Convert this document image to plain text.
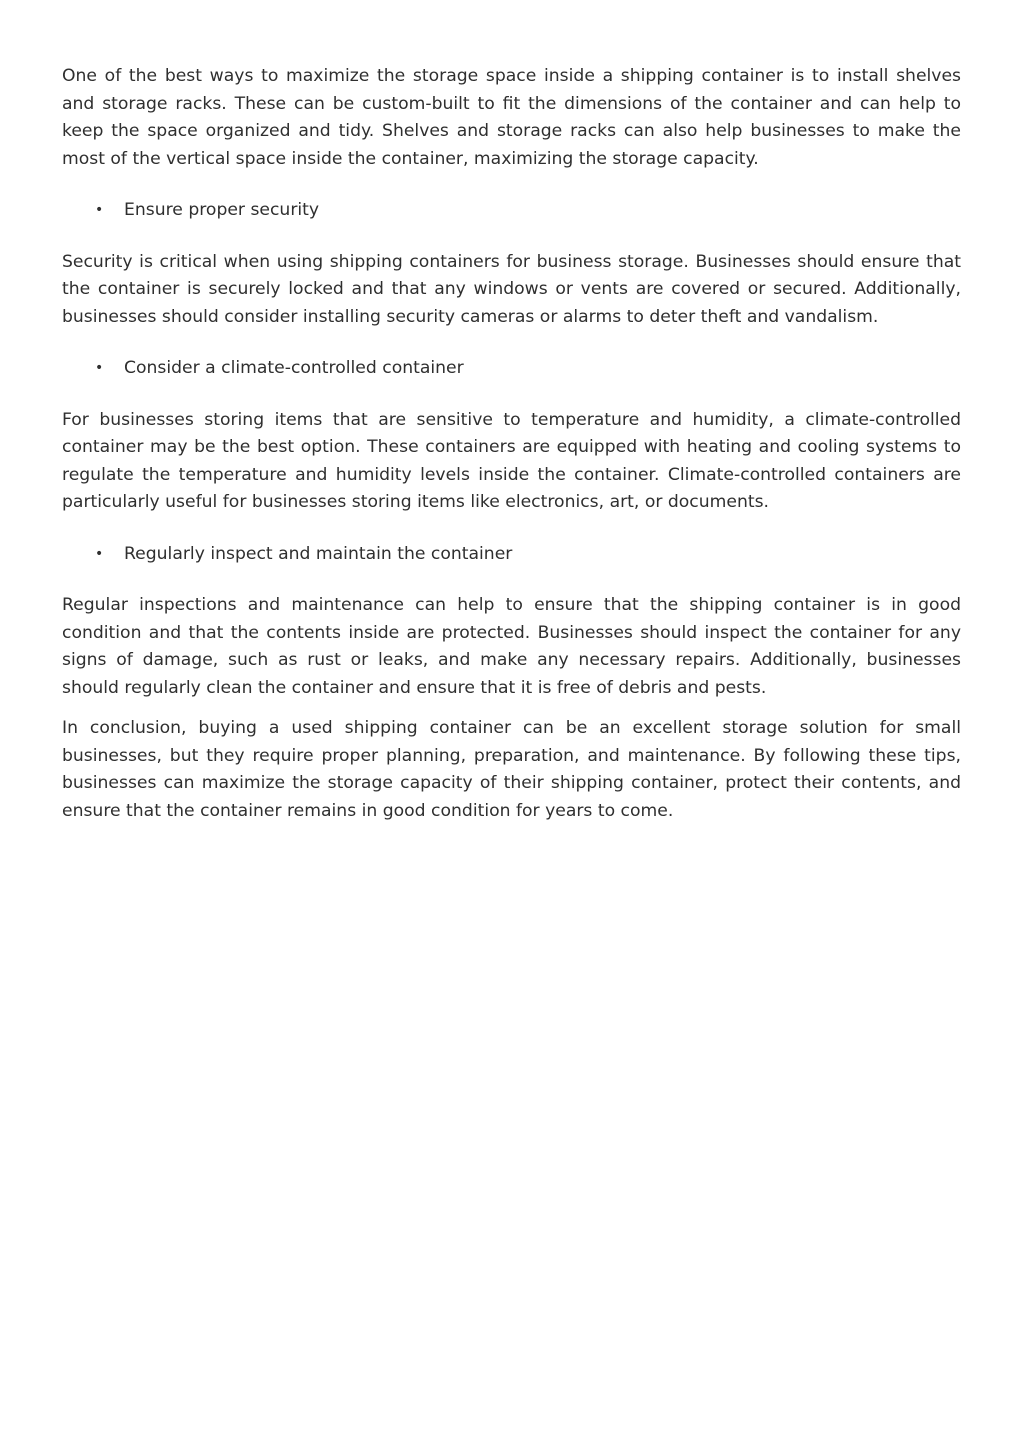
One of the best ways to maximize the storage space inside a shipping container is to install shelves and storage racks. These can be custom-built to fit the dimensions of the container and can help to keep the space organized and tidy. Shelves and storage racks can also help businesses to make the most of the vertical space inside the container, maximizing the storage capacity.

• Ensure proper security

Security is critical when using shipping containers for business storage. Businesses should ensure that the container is securely locked and that any windows or vents are covered or secured. Additionally, businesses should consider installing security cameras or alarms to deter theft and vandalism.

• Consider a climate-controlled container

For businesses storing items that are sensitive to temperature and humidity, a climate-controlled container may be the best option. These containers are equipped with heating and cooling systems to regulate the temperature and humidity levels inside the container. Climate-controlled containers are particularly useful for businesses storing items like electronics, art, or documents.

• Regularly inspect and maintain the container

Regular inspections and maintenance can help to ensure that the shipping container is in good condition and that the contents inside are protected. Businesses should inspect the container for any signs of damage, such as rust or leaks, and make any necessary repairs. Additionally, businesses should regularly clean the container and ensure that it is free of debris and pests.

In conclusion, buying a used shipping container can be an excellent storage solution for small businesses, but they require proper planning, preparation, and maintenance. By following these tips, businesses can maximize the storage capacity of their shipping container, protect their contents, and ensure that the container remains in good condition for years to come.
